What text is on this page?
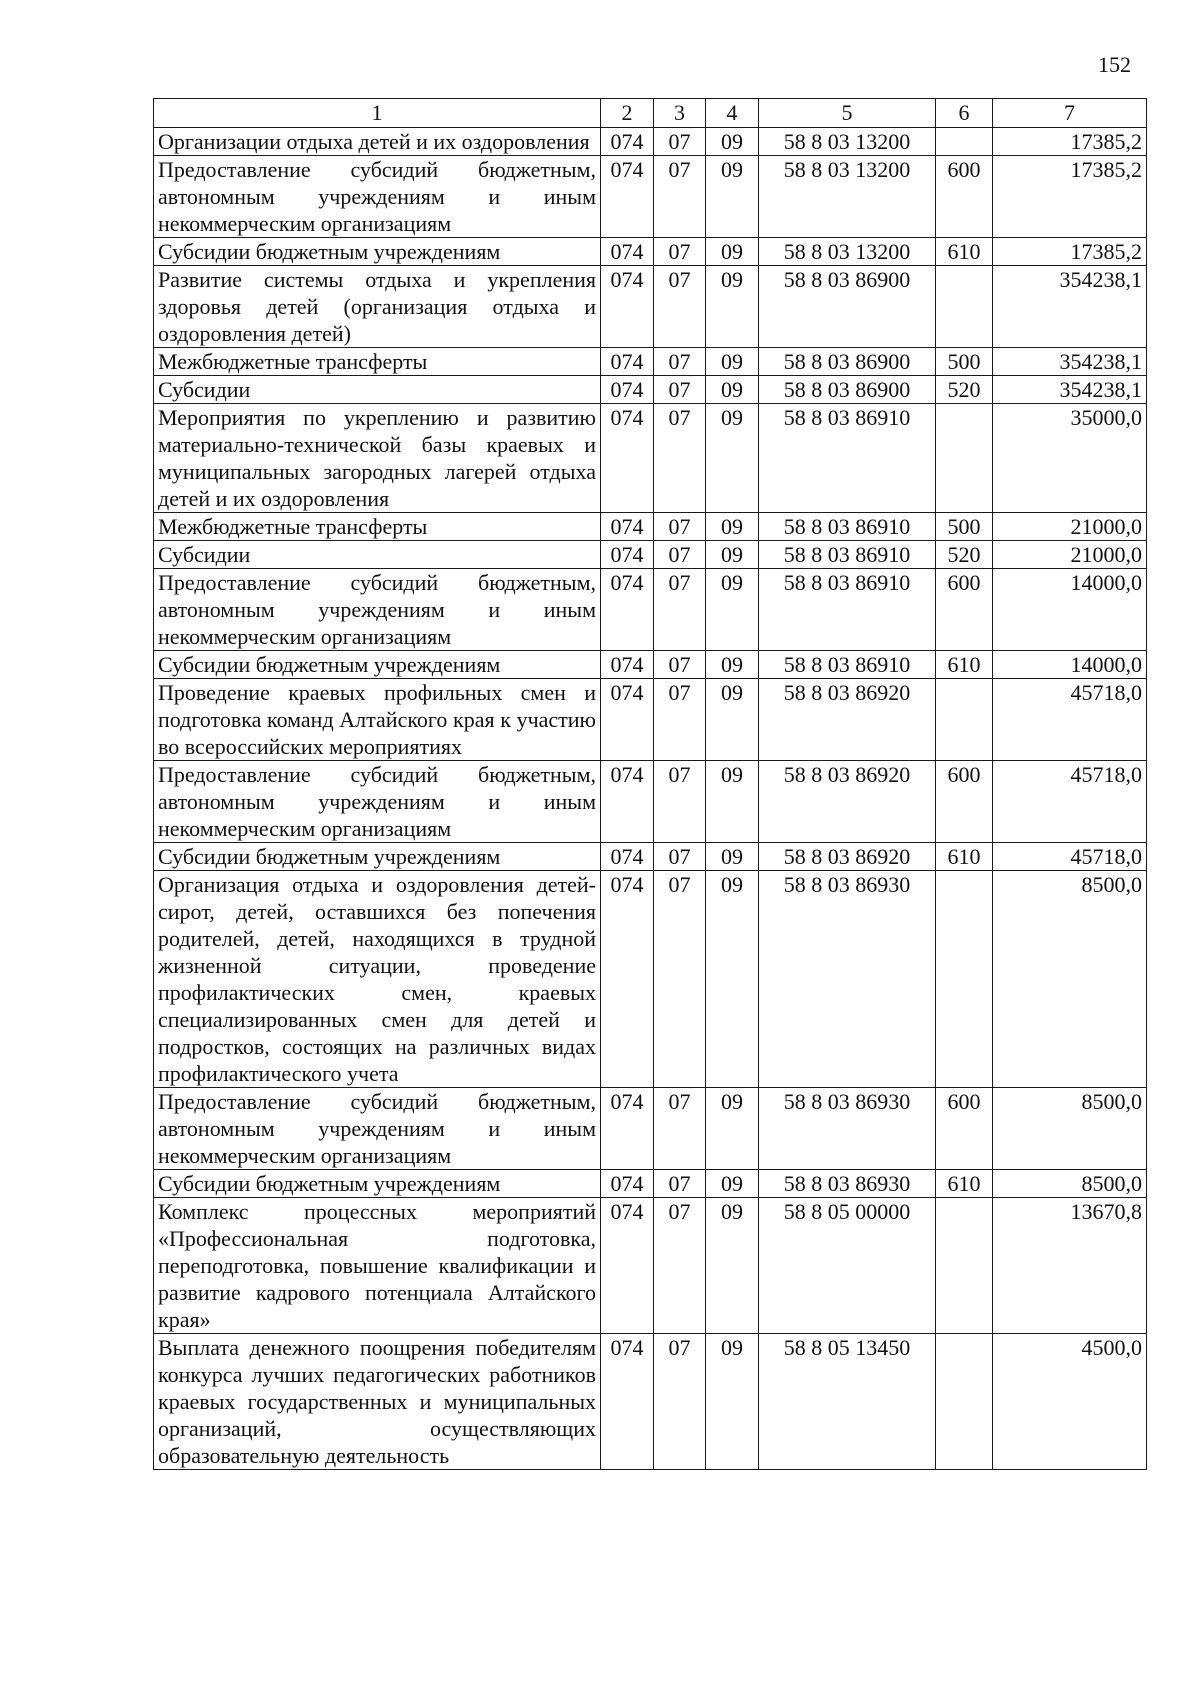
152
1	2	3	4	5	6	7
Организации отдыха детей и их оздоровления	074	07	09	58 8 03 13200		17385,2
Предоставление субсидий бюджетным, автономным учреждениям и иным некоммерческим организациям	074	07	09	58 8 03 13200	600	17385,2
Субсидии бюджетным учреждениям	074	07	09	58 8 03 13200	610	17385,2
Развитие системы отдыха и укрепления здоровья детей (организация отдыха и оздоровления детей)	074	07	09	58 8 03 86900		354238,1
Межбюджетные трансферты	074	07	09	58 8 03 86900	500	354238,1
Субсидии	074	07	09	58 8 03 86900	520	354238,1
Мероприятия по укреплению и развитию материально-технической базы краевых и муниципальных загородных лагерей отдыха детей и их оздоровления	074	07	09	58 8 03 86910		35000,0
Межбюджетные трансферты	074	07	09	58 8 03 86910	500	21000,0
Субсидии	074	07	09	58 8 03 86910	520	21000,0
Предоставление субсидий бюджетным, автономным учреждениям и иным некоммерческим организациям	074	07	09	58 8 03 86910	600	14000,0
Субсидии бюджетным учреждениям	074	07	09	58 8 03 86910	610	14000,0
Проведение краевых профильных смен и подготовка команд Алтайского края к участию во всероссийских мероприятиях	074	07	09	58 8 03 86920		45718,0
Предоставление субсидий бюджетным, автономным учреждениям и иным некоммерческим организациям	074	07	09	58 8 03 86920	600	45718,0
Субсидии бюджетным учреждениям	074	07	09	58 8 03 86920	610	45718,0
Организация отдыха и оздоровления детей-сирот, детей, оставшихся без попечения родителей, детей, находящихся в трудной жизненной ситуации, проведение профилактических смен, краевых специализированных смен для детей и подростков, состоящих на различных видах профилактического учета	074	07	09	58 8 03 86930		8500,0
Предоставление субсидий бюджетным, автономным учреждениям и иным некоммерческим организациям	074	07	09	58 8 03 86930	600	8500,0
Субсидии бюджетным учреждениям	074	07	09	58 8 03 86930	610	8500,0
Комплекс процессных мероприятий «Профессиональная подготовка, переподготовка, повышение квалификации и развитие кадрового потенциала Алтайского края»	074	07	09	58 8 05 00000		13670,8
Выплата денежного поощрения победителям конкурса лучших педагогических работников краевых государственных и муниципальных организаций, осуществляющих образовательную деятельность	074	07	09	58 8 05 13450		4500,0
